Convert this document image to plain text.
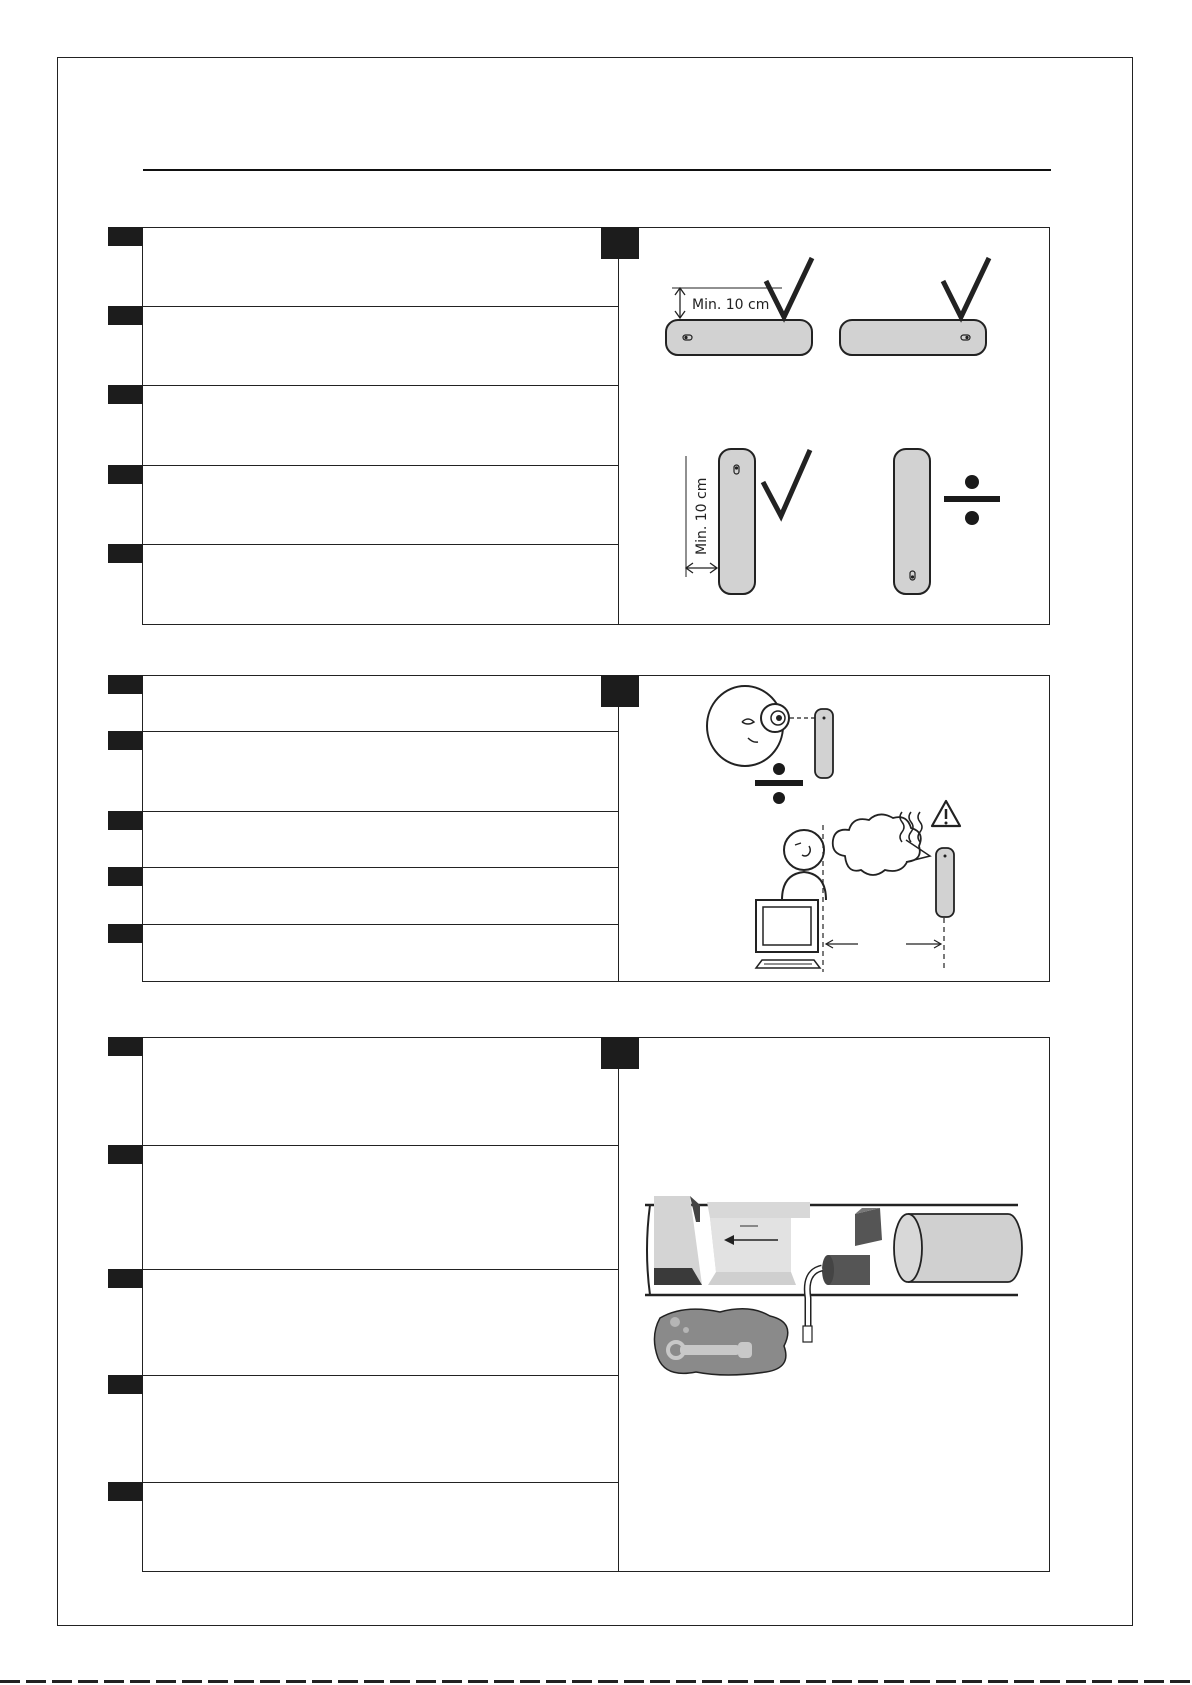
Min. 10 cm
Min. 10 cm
